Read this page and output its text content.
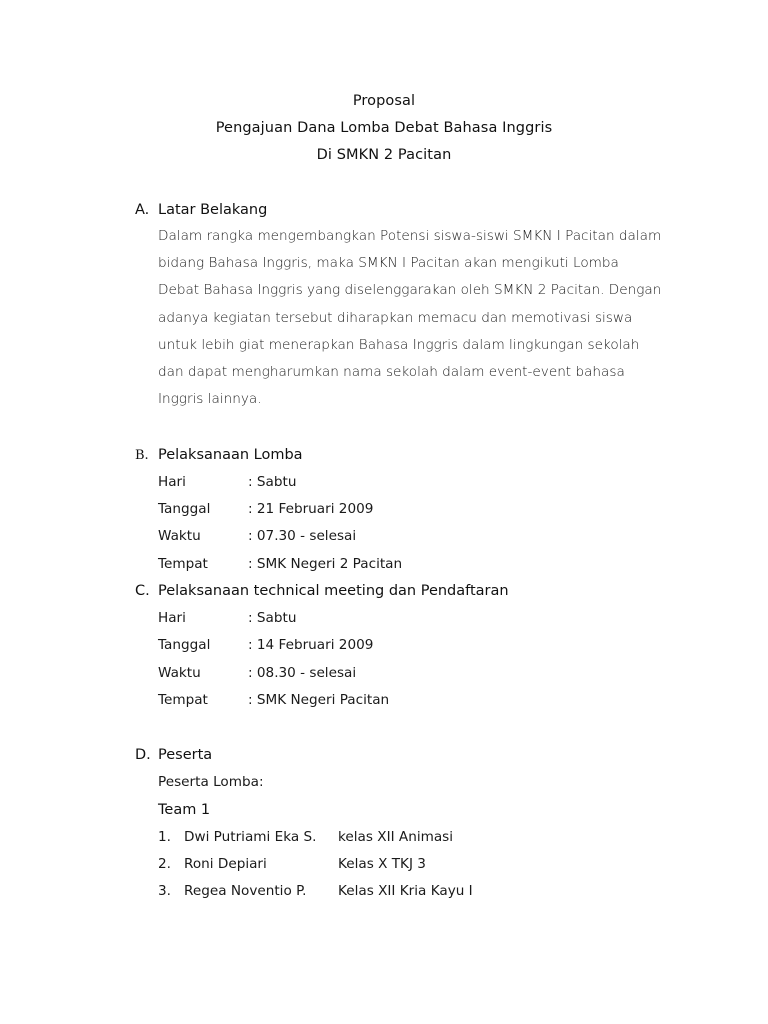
Proposal
Pengajuan Dana Lomba Debat Bahasa Inggris
Di SMKN 2 Pacitan
A. Latar Belakang
Dalam rangka mengembangkan Potensi siswa-siswi SMKN I Pacitan dalam
bidang Bahasa Inggris, maka SMKN I Pacitan akan mengikuti Lomba
Debat Bahasa Inggris yang diselenggarakan oleh SMKN 2 Pacitan. Dengan
adanya kegiatan tersebut diharapkan memacu dan memotivasi siswa
untuk lebih giat menerapkan Bahasa Inggris dalam lingkungan sekolah
dan dapat mengharumkan nama sekolah dalam event-event bahasa
Inggris lainnya.
B. Pelaksanaan Lomba
Hari	: Sabtu
Tanggal	: 21 Februari 2009
Waktu	: 07.30 - selesai
Tempat	: SMK Negeri 2 Pacitan
C. Pelaksanaan technical meeting dan Pendaftaran
Hari	: Sabtu
Tanggal	: 14 Februari 2009
Waktu	: 08.30 - selesai
Tempat	: SMK Negeri Pacitan
D. Peserta
Peserta Lomba:
Team 1
1. Dwi Putriami Eka S. kelas XII Animasi
2. Roni Depiari	Kelas X TKJ 3
3. Regea Noventio P. Kelas XII Kria Kayu I
